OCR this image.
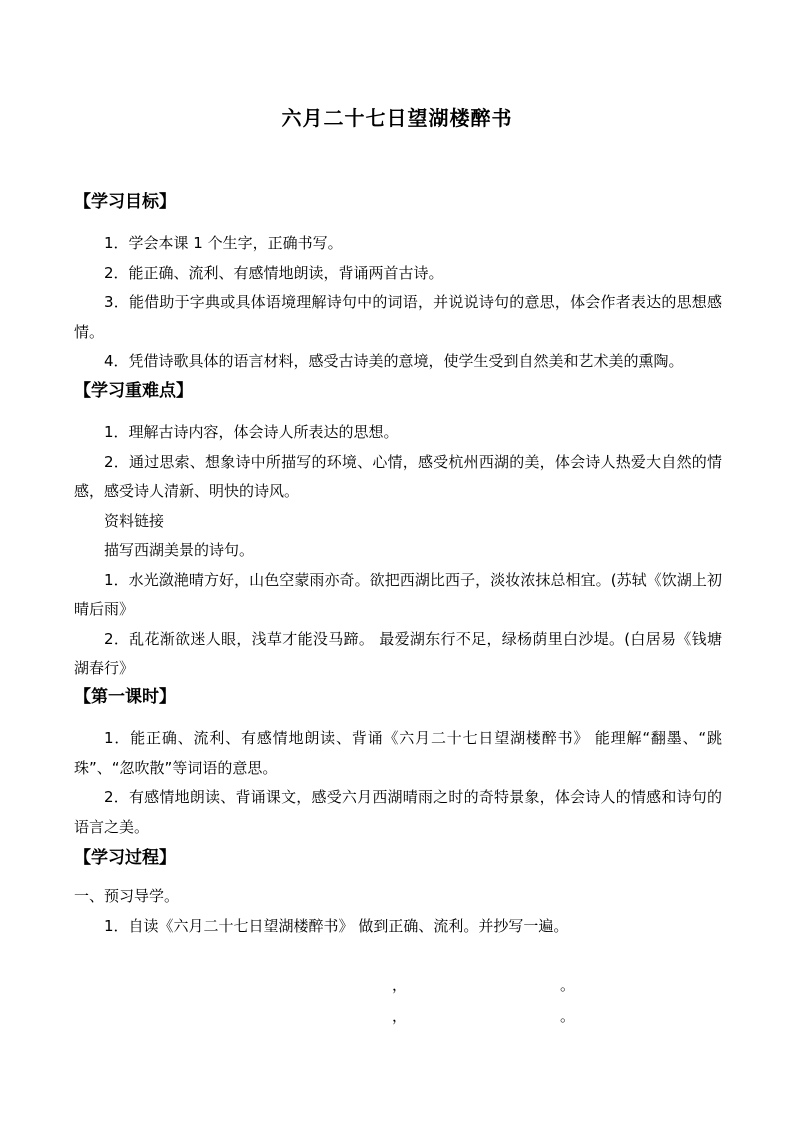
六月二十七日望湖楼醉书
【学习目标】
1．学会本课 1 个生字，正确书写。
2．能正确、流利、有感情地朗读，背诵两首古诗。
3．能借助于字典或具体语境理解诗句中的词语，并说说诗句的意思，体会作者表达的思想感情。
4．凭借诗歌具体的语言材料，感受古诗美的意境，使学生受到自然美和艺术美的熏陶。
【学习重难点】
1．理解古诗内容，体会诗人所表达的思想。
2．通过思索、想象诗中所描写的环境、心情，感受杭州西湖的美，体会诗人热爱大自然的情感，感受诗人清新、明快的诗风。
资料链接
描写西湖美景的诗句。
1．水光潋滟晴方好，山色空蒙雨亦奇。欲把西湖比西子，淡妆浓抹总相宜。(苏轼《饮湖上初晴后雨》
2．乱花渐欲迷人眼，浅草才能没马蹄。 最爱湖东行不足，绿杨荫里白沙堤。(白居易《钱塘湖春行》
【第一课时】
1．能正确、流利、有感情地朗读、背诵《六月二十七日望湖楼醉书》 能理解“翻墨、“跳珠”、“忽吹散”等词语的意思。
2．有感情地朗读、背诵课文，感受六月西湖晴雨之时的奇特景象，体会诗人的情感和诗句的语言之美。
【学习过程】
一、预习导学。
1．自读《六月二十七日望湖楼醉书》 做到正确、流利。并抄写一遍。
，	。
，	。
